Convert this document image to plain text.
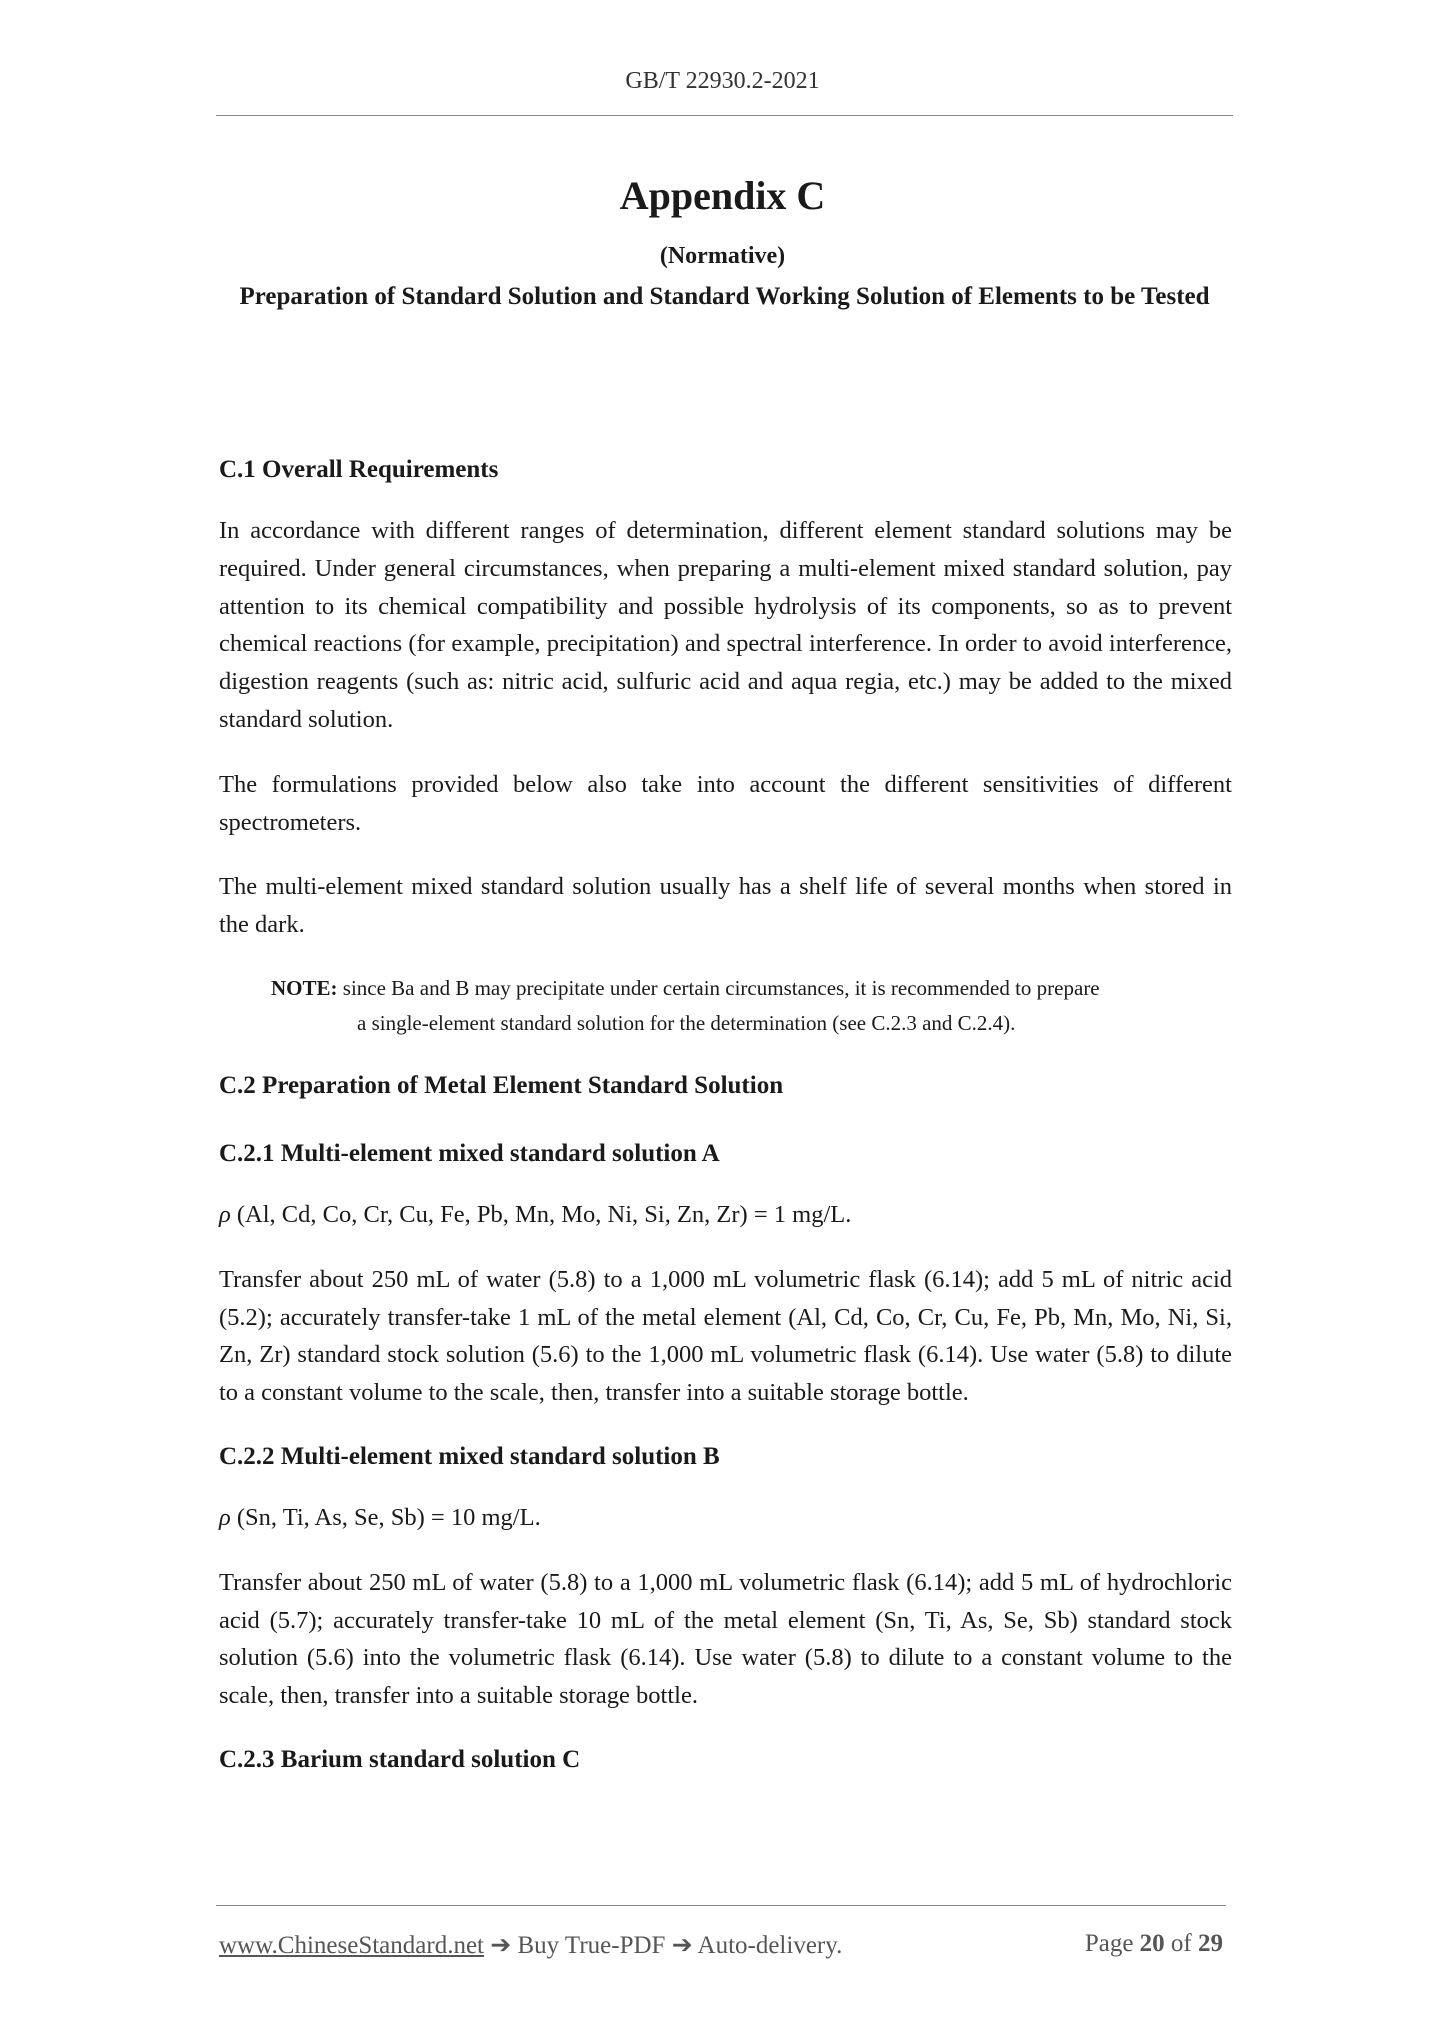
GB/T 22930.2-2021
Appendix C
(Normative)
Preparation of Standard Solution and Standard Working Solution of Elements to be Tested

C.1 Overall Requirements

In accordance with different ranges of determination, different element standard solutions may be required. Under general circumstances, when preparing a multi-element mixed standard solution, pay attention to its chemical compatibility and possible hydrolysis of its components, so as to prevent chemical reactions (for example, precipitation) and spectral interference. In order to avoid interference, digestion reagents (such as: nitric acid, sulfuric acid and aqua regia, etc.) may be added to the mixed standard solution.

The formulations provided below also take into account the different sensitivities of different spectrometers.

The multi-element mixed standard solution usually has a shelf life of several months when stored in the dark.

NOTE: since Ba and B may precipitate under certain circumstances, it is recommended to prepare
a single-element standard solution for the determination (see C.2.3 and C.2.4).

C.2 Preparation of Metal Element Standard Solution

C.2.1 Multi-element mixed standard solution A

ρ (Al, Cd, Co, Cr, Cu, Fe, Pb, Mn, Mo, Ni, Si, Zn, Zr) = 1 mg/L.

Transfer about 250 mL of water (5.8) to a 1,000 mL volumetric flask (6.14); add 5 mL of nitric acid (5.2); accurately transfer-take 1 mL of the metal element (Al, Cd, Co, Cr, Cu, Fe, Pb, Mn, Mo, Ni, Si, Zn, Zr) standard stock solution (5.6) to the 1,000 mL volumetric flask (6.14). Use water (5.8) to dilute to a constant volume to the scale, then, transfer into a suitable storage bottle.

C.2.2 Multi-element mixed standard solution B

ρ (Sn, Ti, As, Se, Sb) = 10 mg/L.

Transfer about 250 mL of water (5.8) to a 1,000 mL volumetric flask (6.14); add 5 mL of hydrochloric acid (5.7); accurately transfer-take 10 mL of the metal element (Sn, Ti, As, Se, Sb) standard stock solution (5.6) into the volumetric flask (6.14). Use water (5.8) to dilute to a constant volume to the scale, then, transfer into a suitable storage bottle.

C.2.3 Barium standard solution C

www.ChineseStandard.net ➔ Buy True-PDF ➔ Auto-delivery.	Page 20 of 29
